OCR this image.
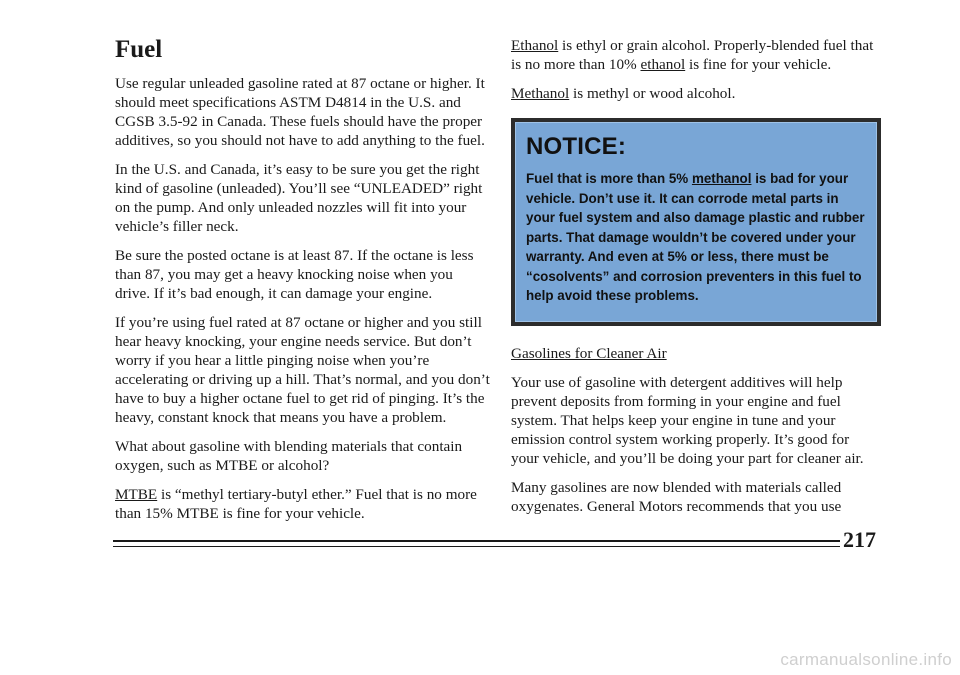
Fuel

Use regular unleaded gasoline rated at 87 octane or higher. It should meet specifications ASTM D4814 in the U.S. and CGSB 3.5-92 in Canada. These fuels should have the proper additives, so you should not have to add anything to the fuel.

In the U.S. and Canada, it’s easy to be sure you get the right kind of gasoline (unleaded). You’ll see “UNLEADED” right on the pump. And only unleaded nozzles will fit into your vehicle’s filler neck.

Be sure the posted octane is at least 87. If the octane is less than 87, you may get a heavy knocking noise when you drive. If it’s bad enough, it can damage your engine.

If you’re using fuel rated at 87 octane or higher and you still hear heavy knocking, your engine needs service. But don’t worry if you hear a little pinging noise when you’re accelerating or driving up a hill. That’s normal, and you don’t have to buy a higher octane fuel to get rid of pinging. It’s the heavy, constant knock that means you have a problem.

What about gasoline with blending materials that contain oxygen, such as MTBE or alcohol?

MTBE is “methyl tertiary-butyl ether.” Fuel that is no more than 15% MTBE is fine for your vehicle.

Ethanol is ethyl or grain alcohol. Properly-blended fuel that is no more than 10% ethanol is fine for your vehicle.

Methanol is methyl or wood alcohol.

NOTICE:

Fuel that is more than 5% methanol is bad for your vehicle. Don’t use it. It can corrode metal parts in your fuel system and also damage plastic and rubber parts. That damage wouldn’t be covered under your warranty. And even at 5% or less, there must be “cosolvents” and corrosion preventers in this fuel to help avoid these problems.

Gasolines for Cleaner Air

Your use of gasoline with detergent additives will help prevent deposits from forming in your engine and fuel system. That helps keep your engine in tune and your emission control system working properly. It’s good for your vehicle, and you’ll be doing your part for cleaner air.

Many gasolines are now blended with materials called oxygenates. General Motors recommends that you use

217
carmanualsonline.info
